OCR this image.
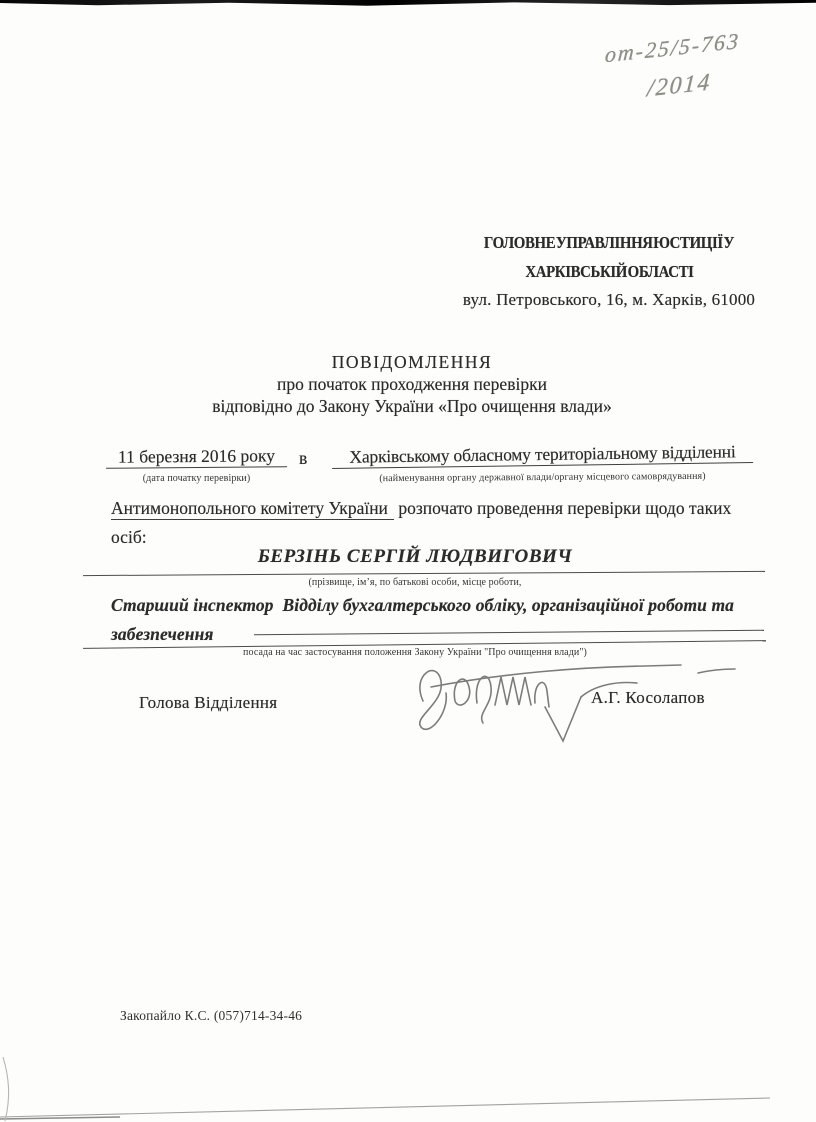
от-25/5-763
/2014
ГОЛОВНЕ УПРАВЛІННЯ ЮСТИЦІЇ У
ХАРКІВСЬКІЙ ОБЛАСТІ
вул. Петровського, 16, м. Харків, 61000
ПОВІДОМЛЕННЯ
про початок проходження перевірки
відповідно до Закону України «Про очищення влади»
11 березня 2016 року	в	Харківському обласному територіальному відділенні
(дата початку перевірки)	(найменування органу державної влади/органу місцевого самоврядування)
Антимонопольного комітету України розпочато проведення перевірки щодо таких
осіб:
БЕРЗІНЬ СЕРГІЙ ЛЮДВИГОВИЧ
(прізвище, ім’я, по батькові особи, місце роботи,
Старший інспектор  Відділу бухгалтерського обліку, організаційної роботи та
забезпечення
посада на час застосування положення Закону України "Про очищення влади")
Голова Відділення	А.Г. Косолапов
Закопайло К.С. (057)714-34-46
